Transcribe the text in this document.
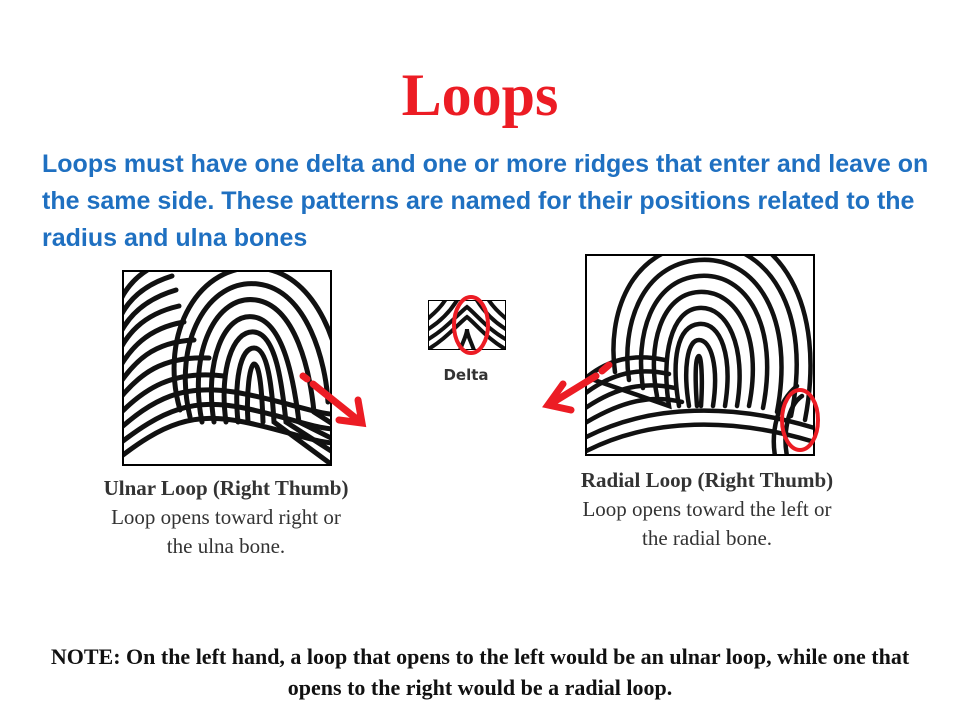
Loops
Loops must have one delta and one or more ridges that enter and leave on the same side. These patterns are named for their positions related to the radius and ulna bones
Delta
Ulnar Loop (Right Thumb)
Loop opens toward right or the ulna bone.
Radial Loop (Right Thumb)
Loop opens toward the left or the radial bone.
NOTE: On the left hand, a loop that opens to the left would be an ulnar loop, while one that opens to the right would be a radial loop.
